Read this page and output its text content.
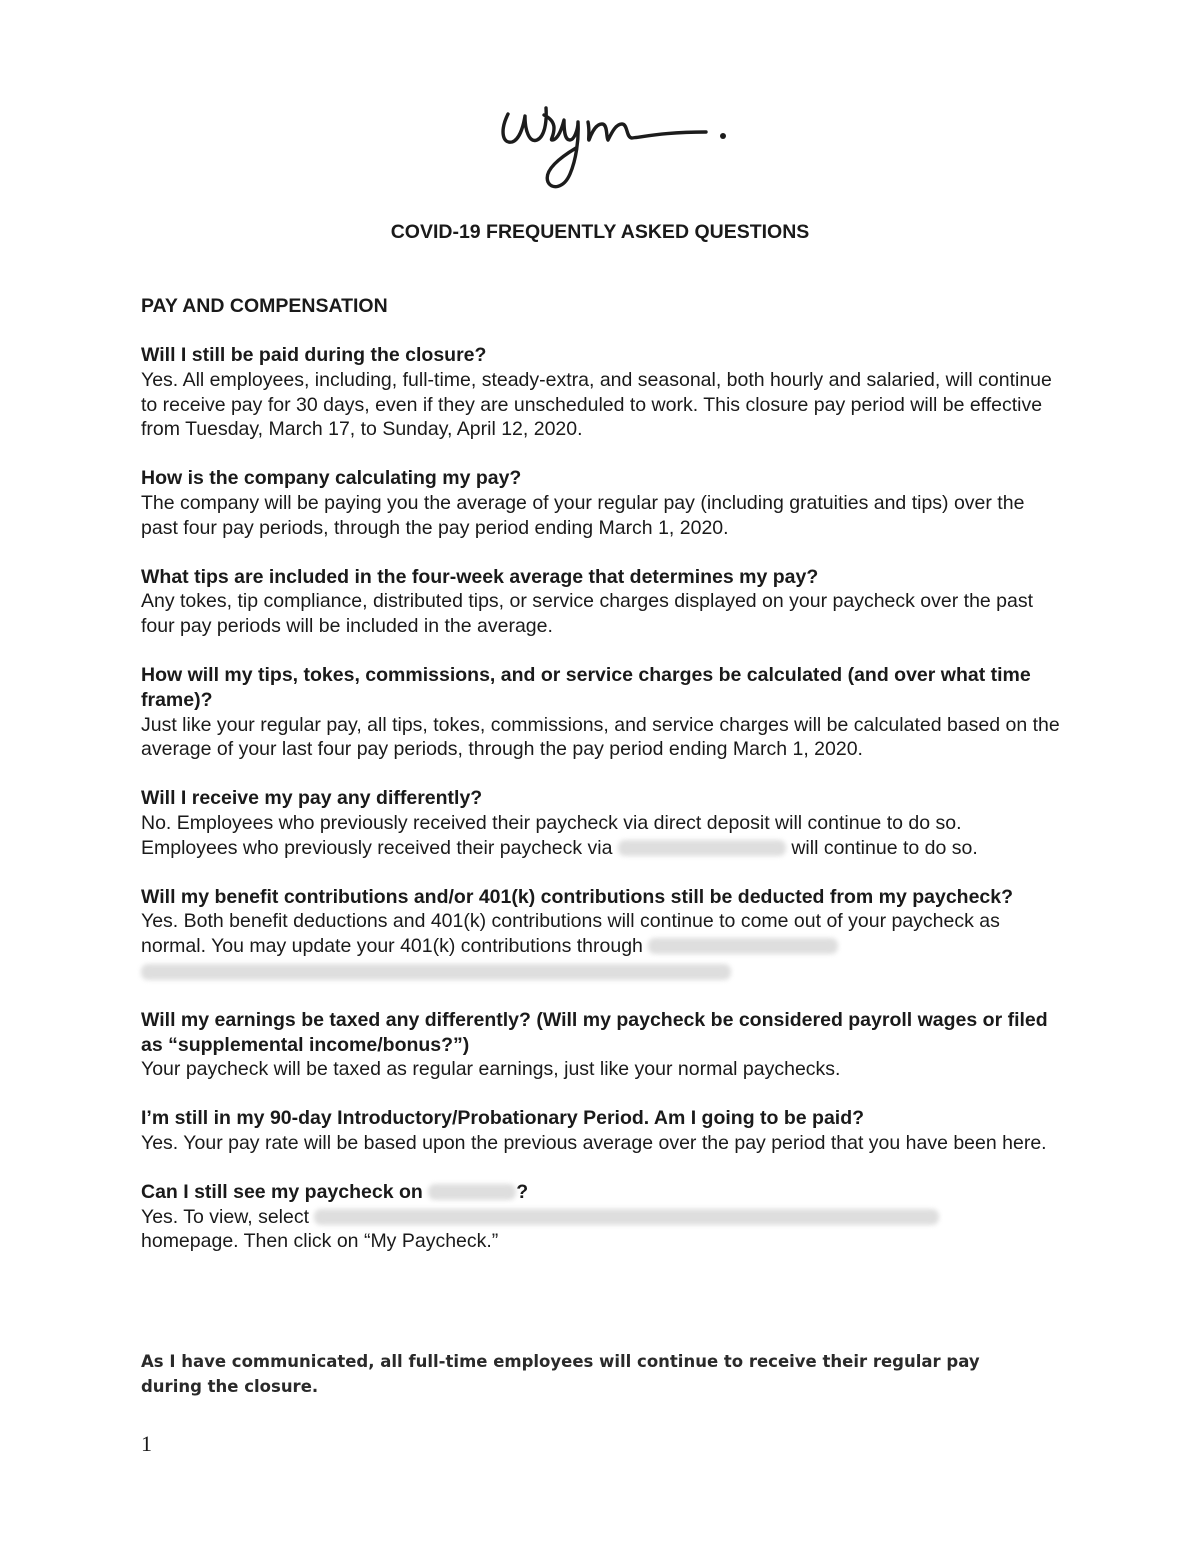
COVID-19 FREQUENTLY ASKED QUESTIONS
PAY AND COMPENSATION

Will I still be paid during the closure?

Yes. All employees, including, full-time, steady-extra, and seasonal, both hourly and salaried, will continue to receive pay for 30 days, even if they are unscheduled to work. This closure pay period will be effective from Tuesday, March 17, to Sunday, April 12, 2020.

How is the company calculating my pay?

The company will be paying you the average of your regular pay (including gratuities and tips) over the past four pay periods, through the pay period ending March 1, 2020.

What tips are included in the four-week average that determines my pay?

Any tokes, tip compliance, distributed tips, or service charges displayed on your paycheck over the past four pay periods will be included in the average.

How will my tips, tokes, commissions, and or service charges be calculated (and over what time frame)?

Just like your regular pay, all tips, tokes, commissions, and service charges will be calculated based on the average of your last four pay periods, through the pay period ending March 1, 2020.

Will I receive my pay any differently?

No. Employees who previously received their paycheck via direct deposit will continue to do so.

Employees who previously received their paycheck via	will continue to do so.

Will my benefit contributions and/or 401(k) contributions still be deducted from my paycheck?

Yes. Both benefit deductions and 401(k) contributions will continue to come out of your paycheck as normal. You may update your 401(k) contributions through

Will my earnings be taxed any differently? (Will my paycheck be considered payroll wages or filed as “supplemental income/bonus?”)

Your paycheck will be taxed as regular earnings, just like your normal paychecks.

I’m still in my 90-day Introductory/Probationary Period. Am I going to be paid?

Yes. Your pay rate will be based upon the previous average over the pay period that you have been here.

Can I still see my paycheck on	?

Yes. To view, select

homepage. Then click on “My Paycheck.”

As I have communicated, all full-time employees will continue to receive their regular pay during the closure.

1
